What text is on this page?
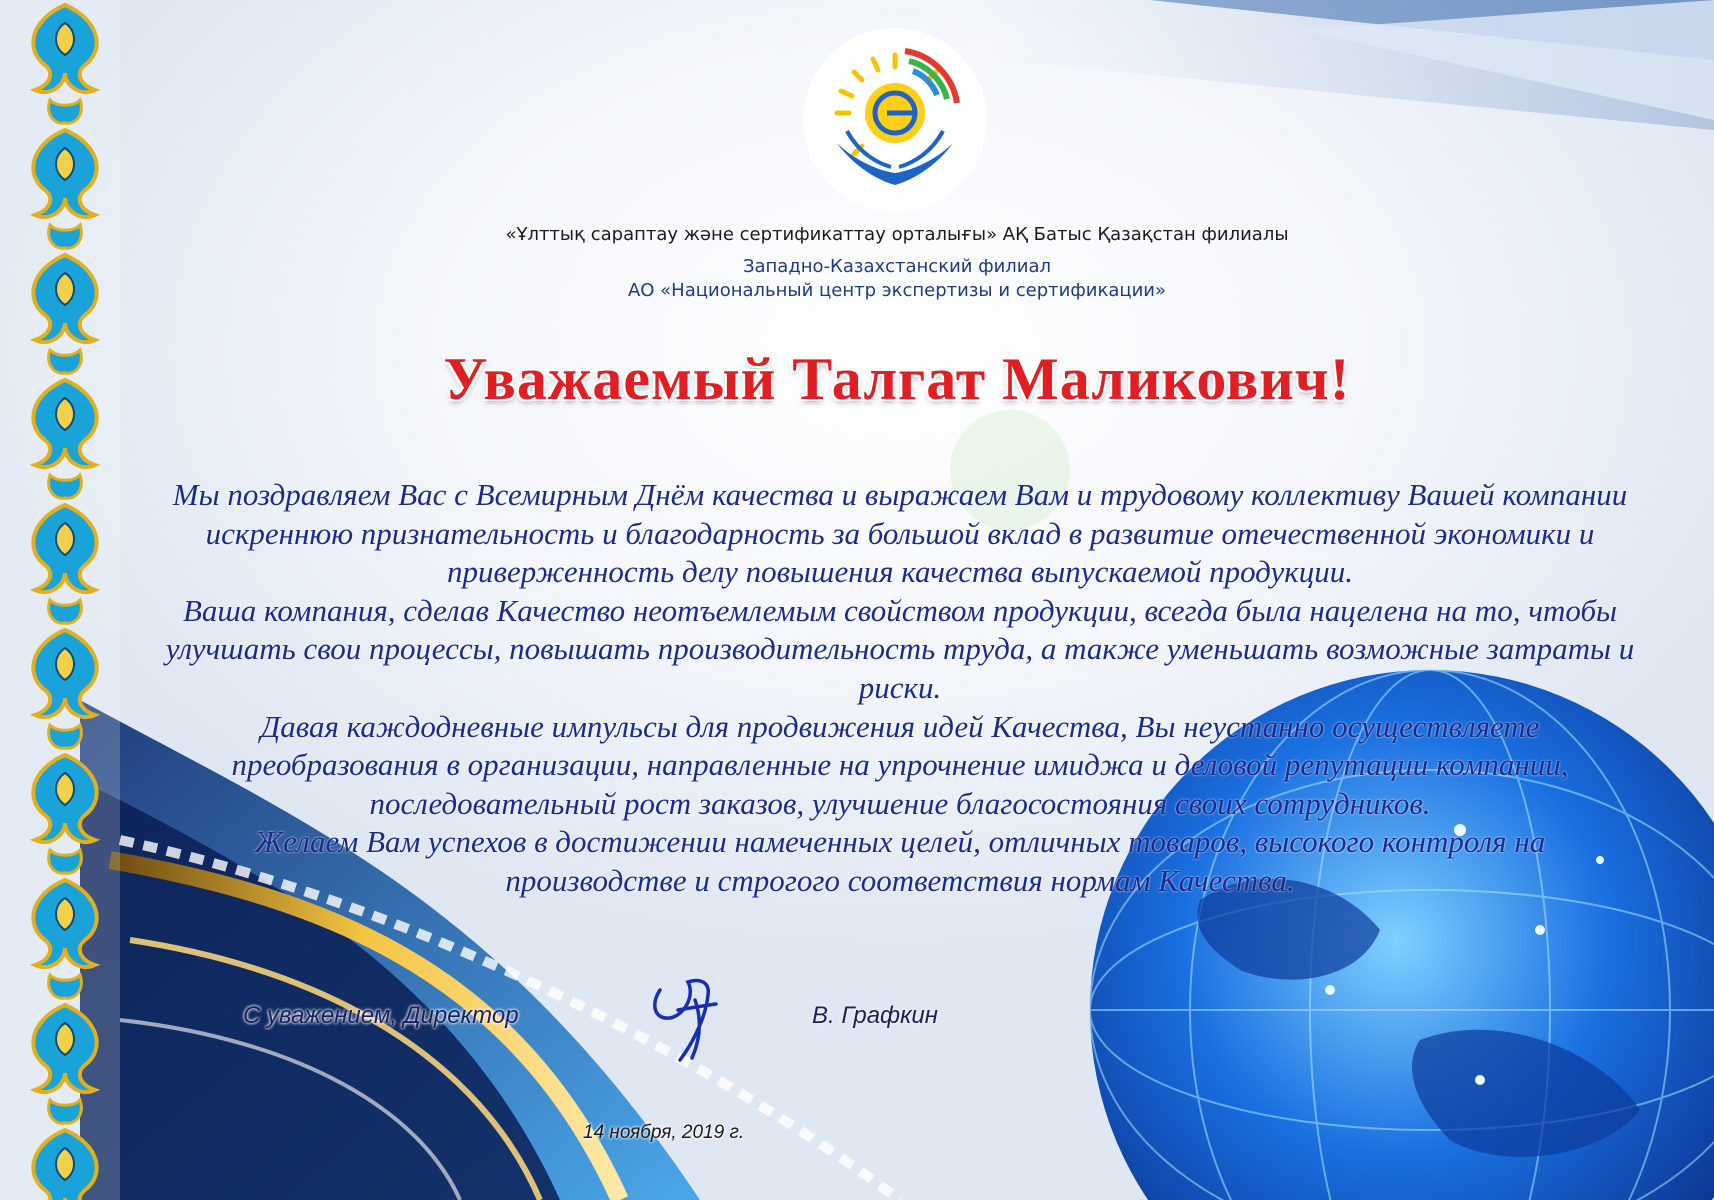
«Ұлттық сараптау және сертификаттау орталығы» АҚ Батыс Қазақстан филиалы
Западно-Казахстанский филиал
АО «Национальный центр экспертизы и сертификации»
Уважаемый Талгат Маликович!

Мы поздравляем Вас с Всемирным Днём качества и выражаем Вам и трудовому коллективу Вашей компании искреннюю признательность и благодарность за большой вклад в развитие отечественной экономики и приверженность делу повышения качества выпускаемой продукции.

Ваша компания, сделав Качество неотъемлемым свойством продукции, всегда была нацелена на то, чтобы улучшать свои процессы, повышать производительность труда, а также уменьшать возможные затраты и риски.

Давая каждодневные импульсы для продвижения идей Качества, Вы неустанно осуществляете преобразования в организации, направленные на упрочнение имиджа и деловой репутации компании, последовательный рост заказов, улучшение благосостояния своих сотрудников.

Желаем Вам успехов в достижении намеченных целей, отличных товаров, высокого контроля на производстве и строгого соответствия нормам Качества.

С уважением, Директор	В. Графкин
14 ноября, 2019 г.
